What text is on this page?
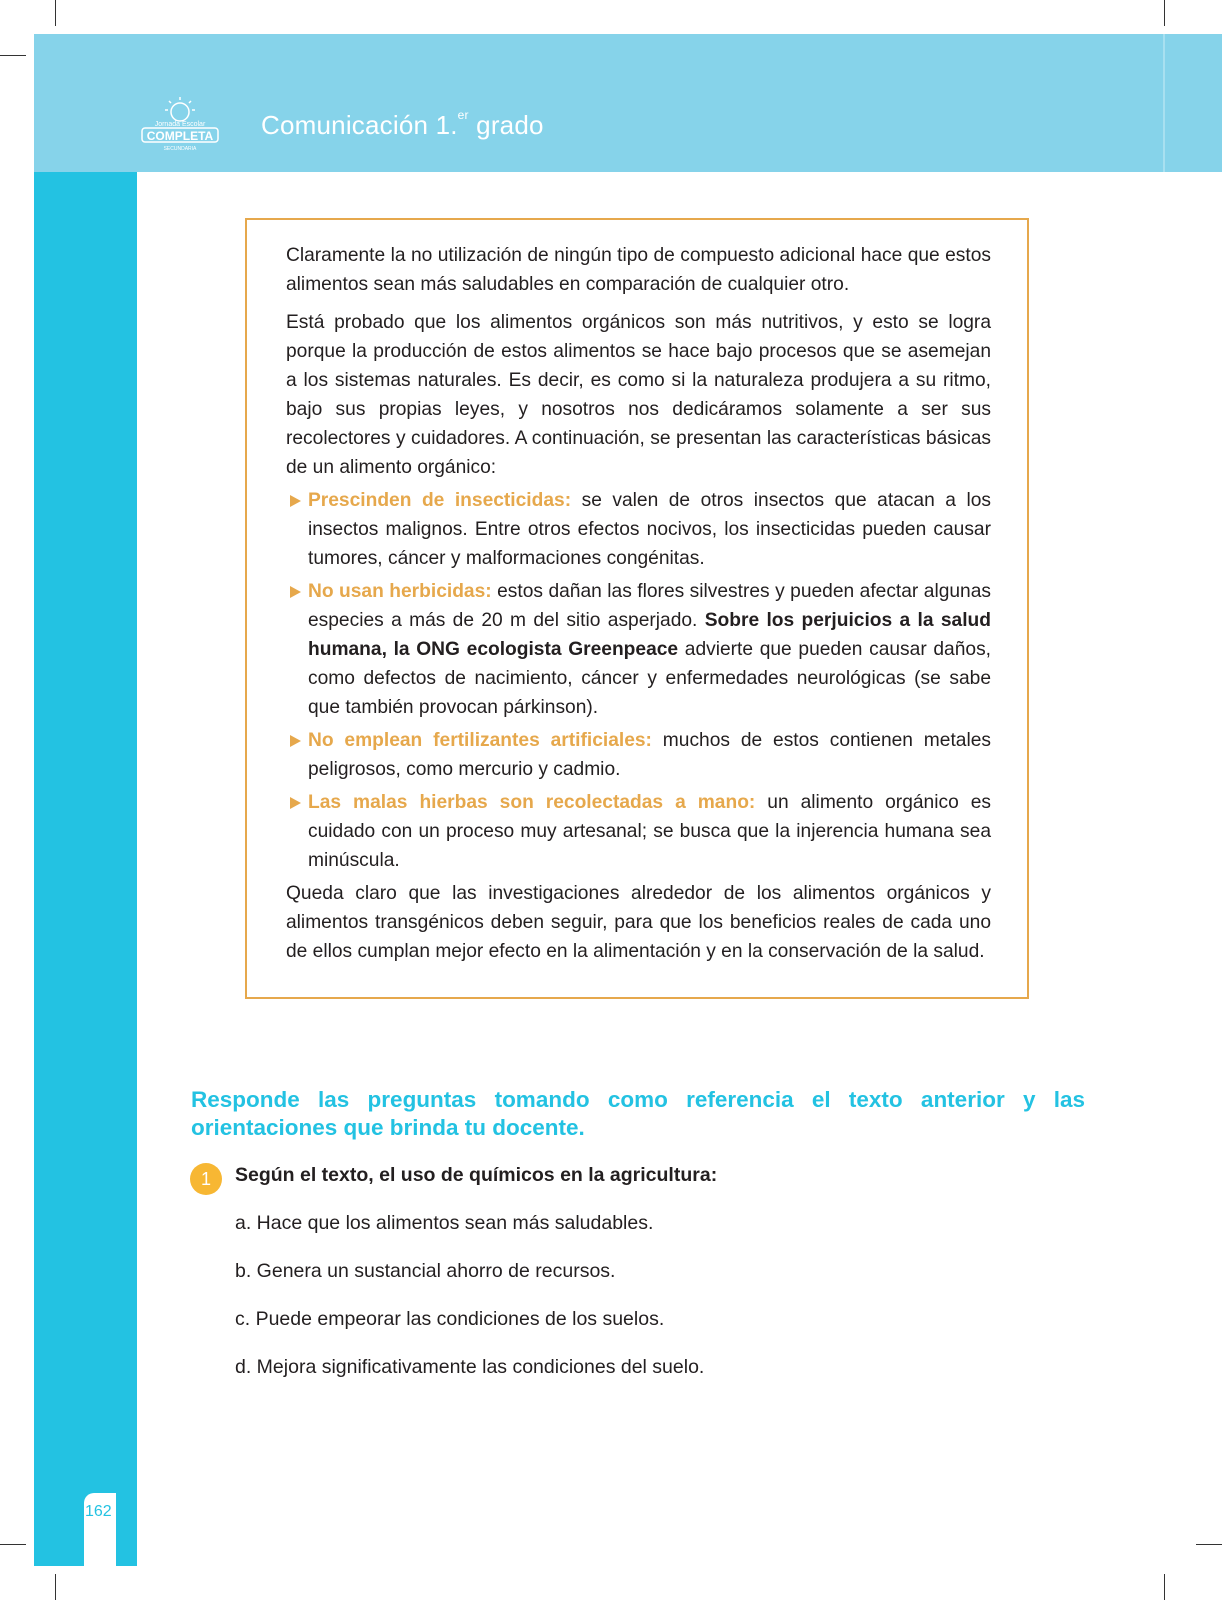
Jornada Escolar
COMPLETA
SECUNDARIA
Comunicación 1.$^{er}$ grado
162

Claramente la no utilización de ningún tipo de compuesto adicional hace que estos alimentos sean más saludables en comparación de cualquier otro.

Está probado que los alimentos orgánicos son más nutritivos, y esto se logra porque la producción de estos alimentos se hace bajo procesos que se asemejan a los sistemas naturales. Es decir, es como si la naturaleza produjera a su ritmo, bajo sus propias leyes, y nosotros nos dedicáramos solamente a ser sus recolectores y cuidadores. A continuación, se presentan las características básicas de un alimento orgánico:

Prescinden de insecticidas: se valen de otros insectos que atacan a los insectos malignos. Entre otros efectos nocivos, los insecticidas pueden causar tumores, cáncer y malformaciones congénitas.
No usan herbicidas: estos dañan las flores silvestres y pueden afectar algunas especies a más de 20 m del sitio asperjado. Sobre los perjuicios a la salud humana, la ONG ecologista Greenpeace advierte que pueden causar daños, como defectos de nacimiento, cáncer y enfermedades neurológicas (se sabe que también provocan párkinson).
No emplean fertilizantes artificiales: muchos de estos contienen metales peligrosos, como mercurio y cadmio.
Las malas hierbas son recolectadas a mano: un alimento orgánico es cuidado con un proceso muy artesanal; se busca que la injerencia humana sea minúscula.

Queda claro que las investigaciones alrededor de los alimentos orgánicos y alimentos transgénicos deben seguir, para que los beneficios reales de cada uno de ellos cumplan mejor efecto en la alimentación y en la conservación de la salud.

Responde las preguntas tomando como referencia el texto anterior y las orientaciones que brinda tu docente.
1	Según el texto, el uso de químicos en la agricultura:
a. Hace que los alimentos sean más saludables.
b. Genera un sustancial ahorro de recursos.
c. Puede empeorar las condiciones de los suelos.
d. Mejora significativamente las condiciones del suelo.
